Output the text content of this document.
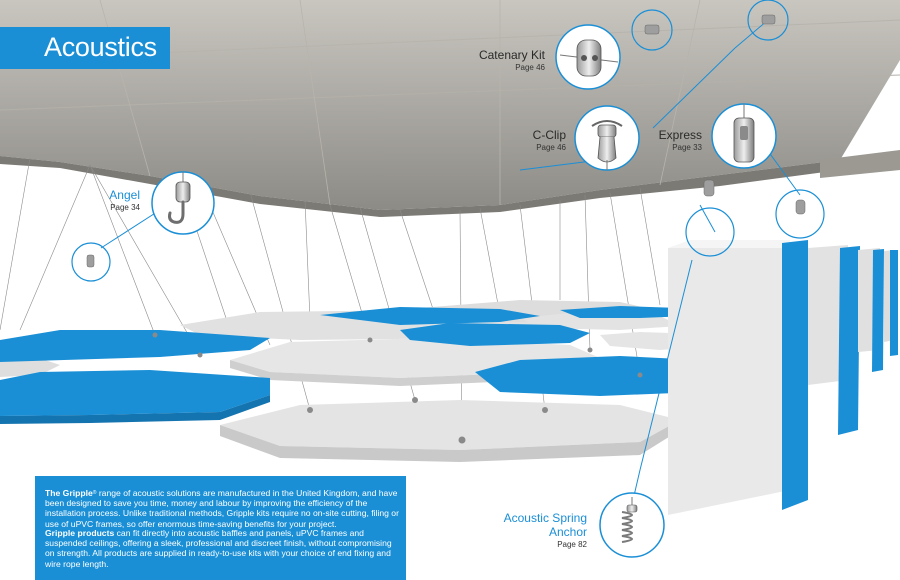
Acoustics	Catenary Kit
Page 46
C-Clip
Page 46
Express
Page 33
Angel
Page 34
Acoustic Spring
Anchor
Page 82

The Gripple® range of acoustic solutions are manufactured in the United Kingdom, and have been designed to save you time, money and labour by improving the efficiency of the installation process. Unlike traditional methods, Gripple kits require no on-site cutting, filing or use of uPVC frames, so offer enormous time-saving benefits for your project.

Gripple products can fit directly into acoustic baffles and panels, uPVC frames and suspended ceilings, offering a sleek, professional and discreet finish, without compromising on strength. All products are supplied in ready-to-use kits with your choice of end fixing and wire rope length.
